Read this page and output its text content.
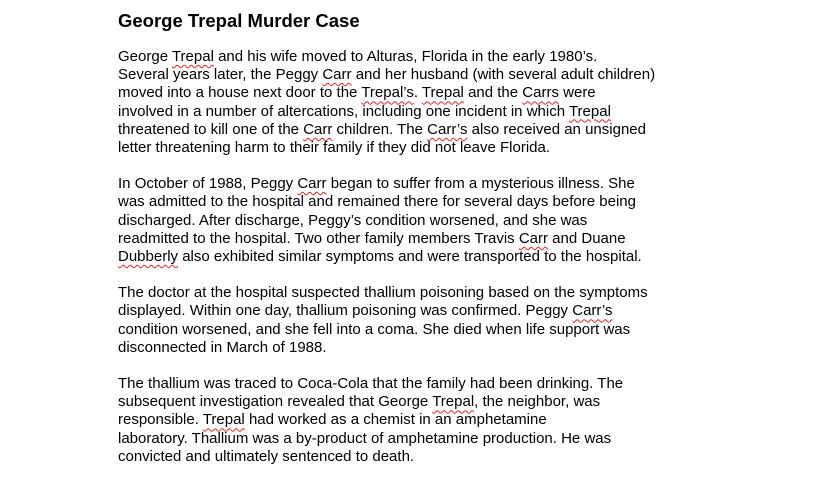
George Trepal Murder Case
George Trepal and his wife moved to Alturas, Florida in the early 1980’s.
Several years later, the Peggy Carr and her husband (with several adult children)
moved into a house next door to the Trepal’s. Trepal and the Carrs were
involved in a number of altercations, including one incident in which Trepal
threatened to kill one of the Carr children. The Carr’s also received an unsigned
letter threatening harm to their family if they did not leave Florida.
In October of 1988, Peggy Carr began to suffer from a mysterious illness. She
was admitted to the hospital and remained there for several days before being
discharged. After discharge, Peggy’s condition worsened, and she was
readmitted to the hospital. Two other family members Travis Carr and Duane
Dubberly also exhibited similar symptoms and were transported to the hospital.
The doctor at the hospital suspected thallium poisoning based on the symptoms
displayed. Within one day, thallium poisoning was confirmed. Peggy Carr’s
condition worsened, and she fell into a coma. She died when life support was
disconnected in March of 1988.
The thallium was traced to Coca-Cola that the family had been drinking. The
subsequent investigation revealed that George Trepal, the neighbor, was
responsible. Trepal had worked as a chemist in an amphetamine
laboratory. Thallium was a by-product of amphetamine production. He was
convicted and ultimately sentenced to death.
